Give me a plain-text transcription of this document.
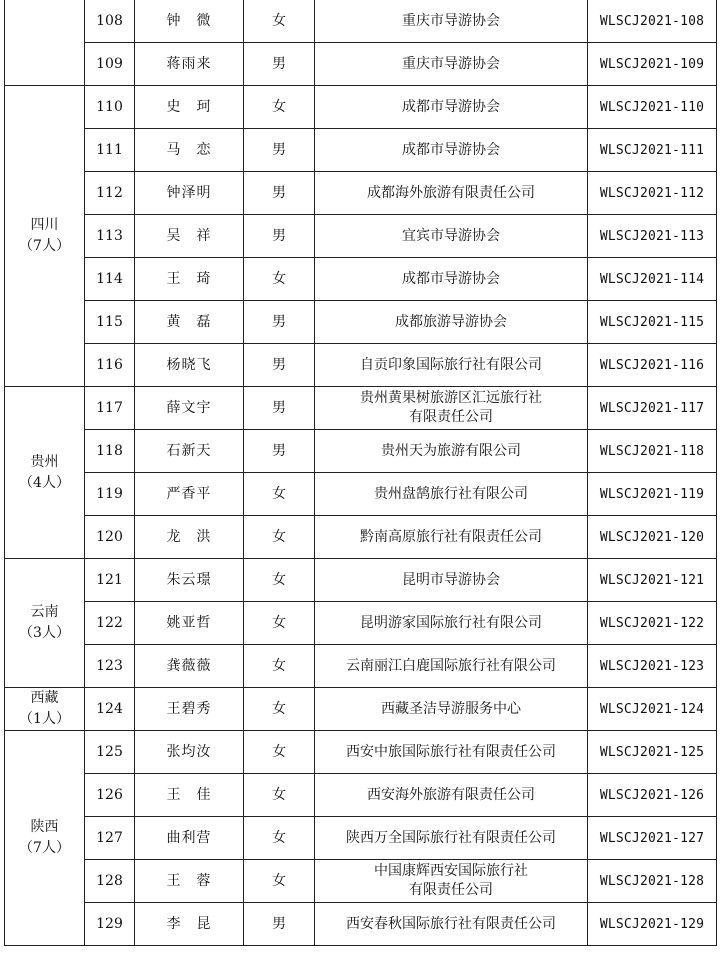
	108	钟　微	女	重庆市导游协会	WLSCJ2021-108
	109	蒋雨来	男	重庆市导游协会	WLSCJ2021-109

四川
（7人）	110	史　珂	女	成都市导游协会	WLSCJ2021-110
	111	马　恋	男	成都市导游协会	WLSCJ2021-111
	112	钟泽明	男	成都海外旅游有限责任公司	WLSCJ2021-112
	113	吴　祥	男	宜宾市导游协会	WLSCJ2021-113
	114	王　琦	女	成都市导游协会	WLSCJ2021-114
	115	黄　磊	男	成都旅游导游协会	WLSCJ2021-115
	116	杨晓飞	男	自贡印象国际旅行社有限公司	WLSCJ2021-116

贵州
（4人）	117	薛文宇	男	贵州黄果树旅游区汇远旅行社
有限责任公司	WLSCJ2021-117
	118	石新天	男	贵州天为旅游有限公司	WLSCJ2021-118
	119	严香平	女	贵州盘鹄旅行社有限公司	WLSCJ2021-119
	120	龙　洪	女	黔南高原旅行社有限责任公司	WLSCJ2021-120

云南
（3人）	121	朱云璟	女	昆明市导游协会	WLSCJ2021-121
	122	姚亚哲	女	昆明游家国际旅行社有限公司	WLSCJ2021-122
	123	龚薇薇	女	云南丽江白鹿国际旅行社有限公司	WLSCJ2021-123

西藏
（1人）	124	王碧秀	女	西藏圣洁导游服务中心	WLSCJ2021-124

陕西
（7人）	125	张均汝	女	西安中旅国际旅行社有限责任公司	WLSCJ2021-125
	126	王　佳	女	西安海外旅游有限责任公司	WLSCJ2021-126
	127	曲利营	女	陕西万全国际旅行社有限责任公司	WLSCJ2021-127
	128	王　蓉	女	中国康辉西安国际旅行社
有限责任公司	WLSCJ2021-128
	129	李　昆	男	西安春秋国际旅行社有限责任公司	WLSCJ2021-129
